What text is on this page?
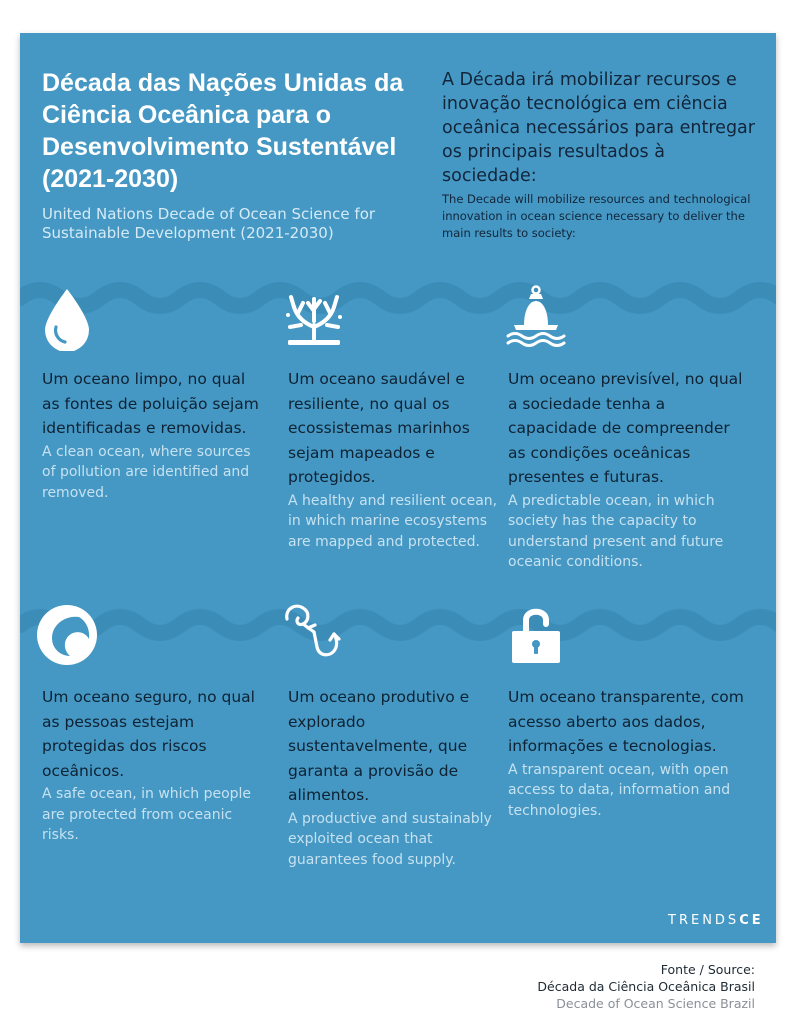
Década das Nações Unidas da Ciência Oceânica para o Desenvolvimento Sustentável (2021-2030)
United Nations Decade of Ocean Science for Sustainable Development (2021-2030)
A Década irá mobilizar recursos e inovação tecnológica em ciência oceânica necessários para entregar os principais resultados à sociedade:
The Decade will mobilize resources and technological innovation in ocean science necessary to deliver the main results to society:
Um oceano limpo, no qual as fontes de poluição sejam identificadas e removidas.
A clean ocean, where sources of pollution are identified and removed.
Um oceano saudável e resiliente, no qual os ecossistemas marinhos sejam mapeados e protegidos.
A healthy and resilient ocean, in which marine ecosystems are mapped and protected.
Um oceano previsível, no qual a sociedade tenha a capacidade de compreender as condições oceânicas presentes e futuras.
A predictable ocean, in which society has the capacity to understand present and future oceanic conditions.
Um oceano seguro, no qual as pessoas estejam protegidas dos riscos oceânicos.
A safe ocean, in which people are protected from oceanic risks.
Um oceano produtivo e explorado sustentavelmente, que garanta a provisão de alimentos.
A productive and sustainably exploited ocean that guarantees food supply.
Um oceano transparente, com acesso aberto aos dados, informações e tecnologias.
A transparent ocean, with open access to data, information and technologies.
TRENDSCE
Fonte / Source:
Década da Ciência Oceânica Brasil
Decade of Ocean Science Brazil
